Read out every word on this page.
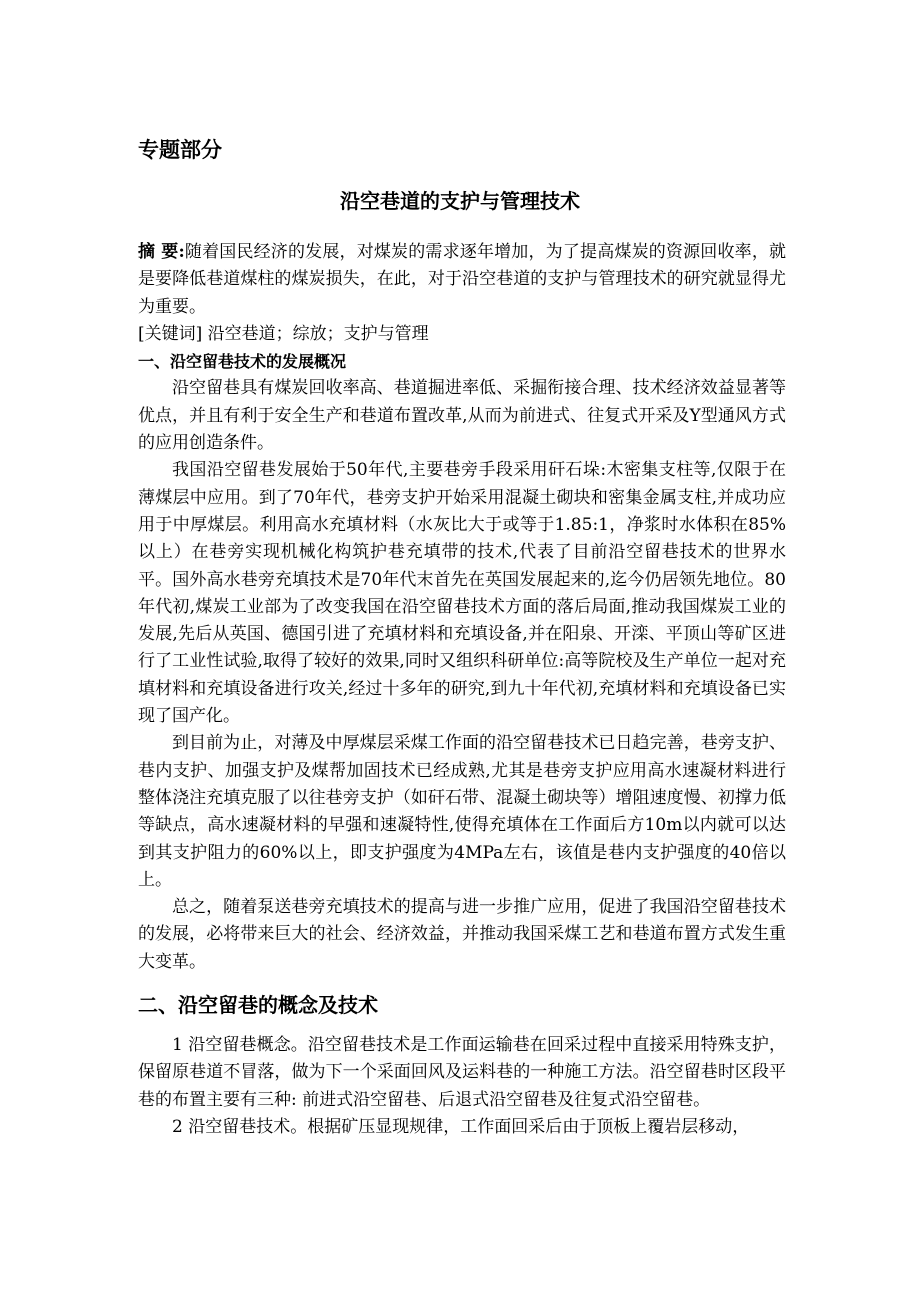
专题部分
沿空巷道的支护与管理技术

摘 要:随着国民经济的发展，对煤炭的需求逐年增加，为了提高煤炭的资源回收率，就是要降低巷道煤柱的煤炭损失，在此，对于沿空巷道的支护与管理技术的研究就显得尤为重要。

[关键词] 沿空巷道；综放；支护与管理

一、沿空留巷技术的发展概况

沿空留巷具有煤炭回收率高、巷道掘进率低、采掘衔接合理、技术经济效益显著等优点，并且有利于安全生产和巷道布置改革,从而为前进式、往复式开采及Y型通风方式的应用创造条件。

我国沿空留巷发展始于50年代,主要巷旁手段采用矸石垛:木密集支柱等,仅限于在薄煤层中应用。到了70年代，巷旁支护开始采用混凝土砌块和密集金属支柱,并成功应用于中厚煤层。利用高水充填材料（水灰比大于或等于1.85:1，净浆时水体积在85%以上）在巷旁实现机械化构筑护巷充填带的技术,代表了目前沿空留巷技术的世界水平。国外高水巷旁充填技术是70年代末首先在英国发展起来的,迄今仍居领先地位。80年代初,煤炭工业部为了改变我国在沿空留巷技术方面的落后局面,推动我国煤炭工业的发展,先后从英国、德国引进了充填材料和充填设备,并在阳泉、开滦、平顶山等矿区进行了工业性试验,取得了较好的效果,同时又组织科研单位:高等院校及生产单位一起对充填材料和充填设备进行攻关,经过十多年的研究,到九十年代初,充填材料和充填设备已实现了国产化。

到目前为止，对薄及中厚煤层采煤工作面的沿空留巷技术已日趋完善，巷旁支护、巷内支护、加强支护及煤帮加固技术已经成熟,尤其是巷旁支护应用高水速凝材料进行整体浇注充填克服了以往巷旁支护（如矸石带、混凝土砌块等）增阻速度慢、初撑力低等缺点，高水速凝材料的早强和速凝特性,使得充填体在工作面后方10m以内就可以达到其支护阻力的60%以上，即支护强度为4MPa左右，该值是巷内支护强度的40倍以上。

总之，随着泵送巷旁充填技术的提高与进一步推广应用，促进了我国沿空留巷技术的发展，必将带来巨大的社会、经济效益，并推动我国采煤工艺和巷道布置方式发生重大变革。

二、沿空留巷的概念及技术

1 沿空留巷概念。沿空留巷技术是工作面运输巷在回采过程中直接采用特殊支护，保留原巷道不冒落，做为下一个采面回风及运料巷的一种施工方法。沿空留巷时区段平巷的布置主要有三种: 前进式沿空留巷、后退式沿空留巷及往复式沿空留巷。

2 沿空留巷技术。根据矿压显现规律，工作面回采后由于顶板上覆岩层移动，
